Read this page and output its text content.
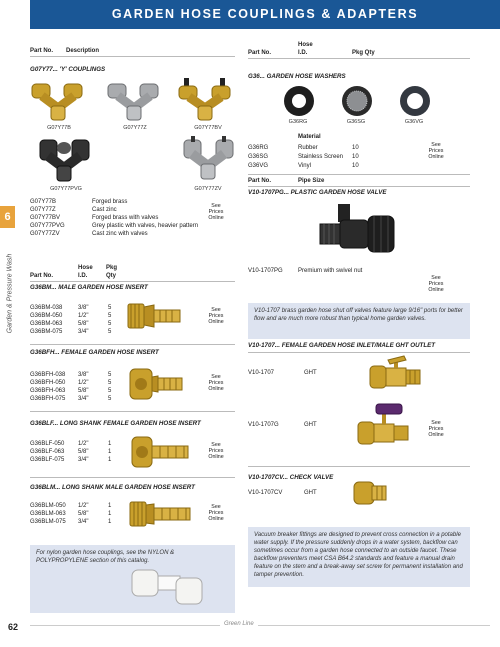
GARDEN HOSE COUPLINGS & ADAPTERS
6
Garden & Pressure Wash
Part No. Description
G07Y77... 'Y' COUPLINGS
G07Y77B	G07Y77Z	G07Y77BV
G07Y77PVG	G07Y77ZV
G07Y77B	Forged brass
G07Y77Z	Cast zinc
G07Y77BV	Forged brass with valves
G07Y77PVG	Grey plastic with valves, heavier pattern
G07Y77ZV	Cast zinc with valves
See
Prices
Online
Hose Pkg
Part No.	I.D.	Qty
G36BM... MALE GARDEN HOSE INSERT
G36BM-038	3/8"	5
G36BM-050	1/2"	5
G36BM-063	5/8"	5
G36BM-075	3/4"	5
See
Prices
Online
G36BFH... FEMALE GARDEN HOSE INSERT
G36BFH-038 3/8"	5
G36BFH-050 1/2"	5
G36BFH-063 5/8"	5
G36BFH-075 3/4"	5
See
Prices
Online
G36BLF... LONG SHANK FEMALE GARDEN HOSE INSERT
G36BLF-050 1/2"	1
G36BLF-063 5/8"	1
G36BLF-075 3/4"	1
See
Prices
Online
G36BLM... LONG SHANK MALE GARDEN HOSE INSERT
G36BLM-050 1/2"	1
G36BLM-063 5/8"	1
G36BLM-075 3/4"	1
See
Prices
Online
For nylon garden hose couplings, see the NYLON & POLYPROPYLENE section of this catalog.
Hose
Part No.	I.D.	Pkg Qty
G36... GARDEN HOSE WASHERS
G36RG	G36SG	G36VG
Material
G36RG	Rubber	10
G36SG	Stainless Screen 10
G36VG	Vinyl	10
See
Prices
Online
Part No.	Pipe Size
V10-1707PG... PLASTIC GARDEN HOSE VALVE
V10-1707PG	Premium with swivel nut
See
Prices
Online
V10-1707 brass garden hose shut off valves feature large 9/16" ports for better flow and are much more robust than typical home garden valves.
V10-1707... FEMALE GARDEN HOSE INLET/MALE GHT OUTLET
V10-1707	GHT
V10-1707G	GHT	See
Prices
Online
V10-1707CV... CHECK VALVE
V10-1707CV	GHT
Vacuum breaker fittings are designed to prevent cross connection in a potable water supply. If the pressure suddenly drops in a water system, backflow can sometimes occur from a garden hose connected to an outside faucet. These backflow preventers meet CSA B64.2 standards and feature a manual drain feature on the stem and a break-away set screw for permanent installation and tamper prevention.
Green Line
62
